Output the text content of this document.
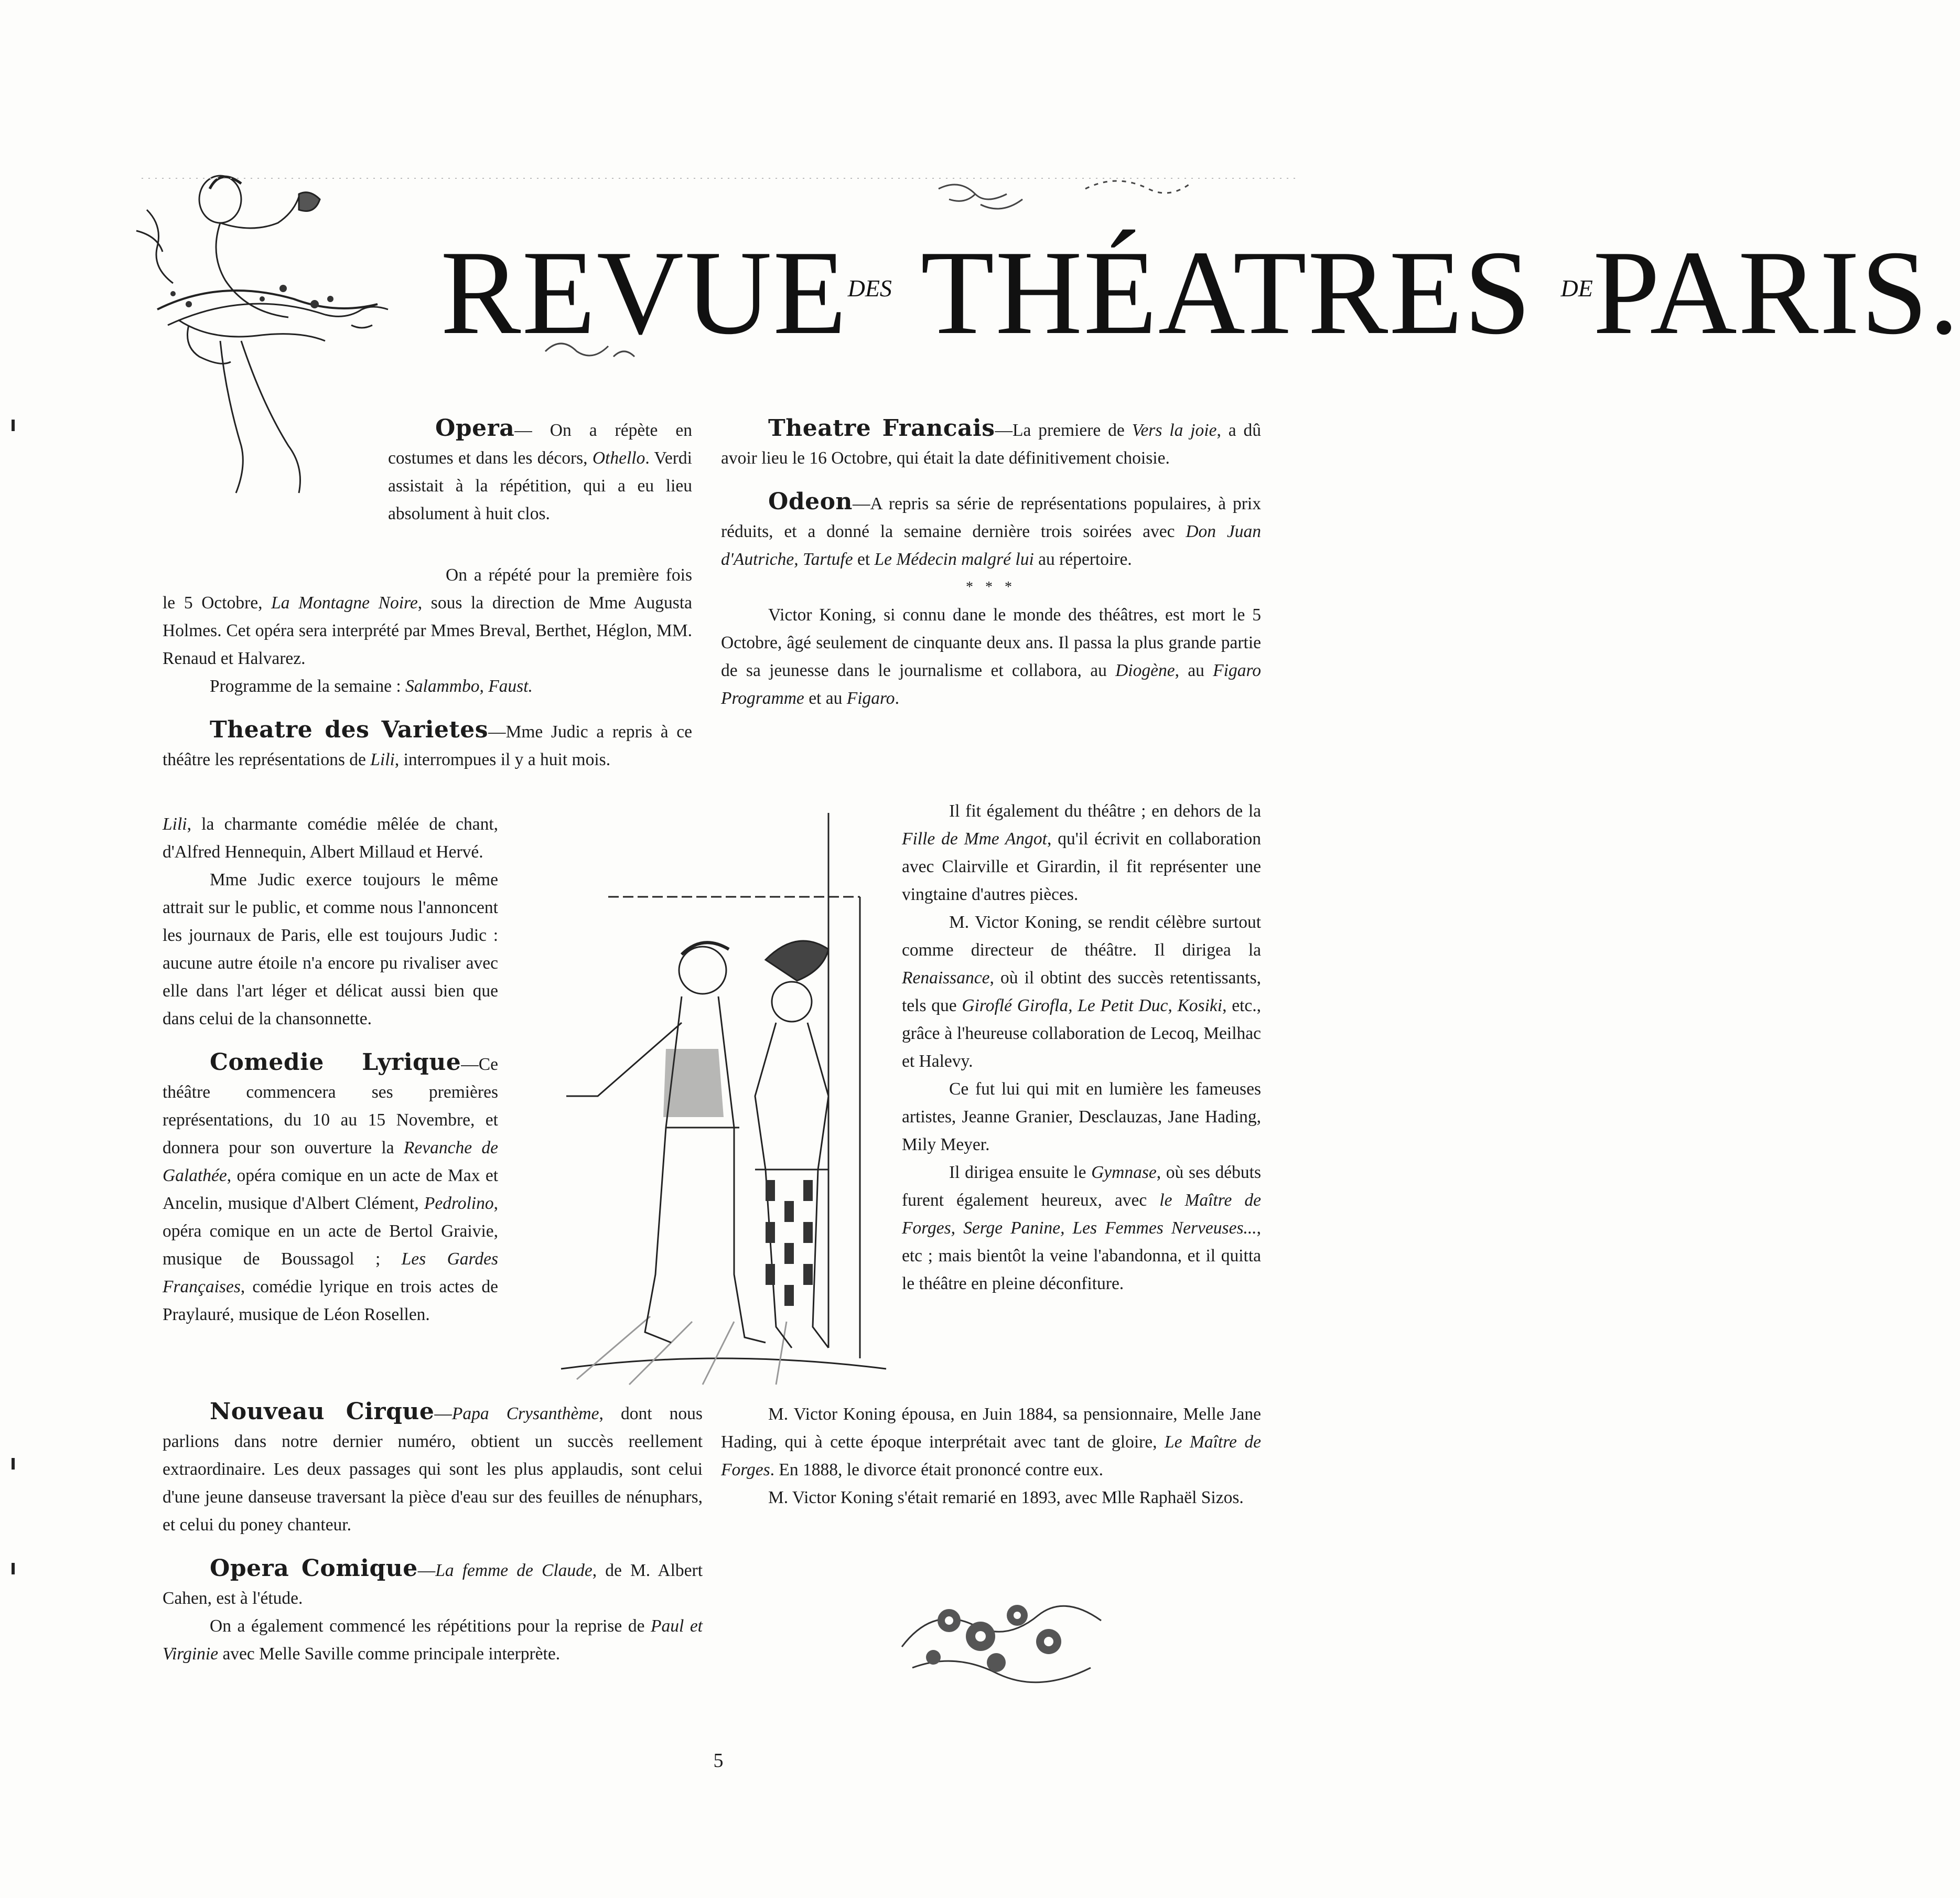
$REVUE^{DES}$ THÉATRES $^{DE}$PARIS.

Opera— On a répète en costumes et dans les décors, Othello. Verdi assistait à la répétition, qui a eu lieu absolument à huit clos.

On a répété pour la première fois le 5 Octobre, La Montagne Noire, sous la direction de Mme Augusta Holmes. Cet opéra sera interprété par Mmes Breval, Berthet, Héglon, MM. Renaud et Halvarez.

Programme de la semaine : Salammbo, Faust.

Theatre des Varietes—Mme Judic a repris à ce théâtre les représentations de Lili, interrompues il y a huit mois.

Lili, la charmante comédie mêlée de chant, d'Alfred Hennequin, Albert Millaud et Hervé.

Mme Judic exerce toujours le même attrait sur le public, et comme nous l'annoncent les journaux de Paris, elle est toujours Judic : aucune autre étoile n'a encore pu rivaliser avec elle dans l'art léger et délicat aussi bien que dans celui de la chansonnette.

Comedie Lyrique—Ce théâtre commencera ses premières représentations, du 10 au 15 Novembre, et donnera pour son ouverture la Revanche de Galathée, opéra comique en un acte de Max et Ancelin, musique d'Albert Clément, Pedrolino, opéra comique en un acte de Bertol Graivie, musique de Boussagol ; Les Gardes Françaises, comédie lyrique en trois actes de Praylauré, musique de Léon Rosellen.

Nouveau Cirque—Papa Crysanthème, dont nous parlions dans notre dernier numéro, obtient un succès reellement extraordinaire. Les deux passages qui sont les plus applaudis, sont celui d'une jeune danseuse traversant la pièce d'eau sur des feuilles de nénuphars, et celui du poney chanteur.

Opera Comique—La femme de Claude, de M. Albert Cahen, est à l'étude.

On a également commencé les répétitions pour la reprise de Paul et Virginie avec Melle Saville comme principale interprète.

Theatre Francais—La premiere de Vers la joie, a dû avoir lieu le 16 Octobre, qui était la date définitivement choisie.

Odeon—A repris sa série de représentations populaires, à prix réduits, et a donné la semaine dernière trois soirées avec Don Juan d'Autriche, Tartufe et Le Médecin malgré lui au répertoire.

* * *

Victor Koning, si connu dane le monde des théâtres, est mort le 5 Octobre, âgé seulement de cinquante deux ans. Il passa la plus grande partie de sa jeunesse dans le journalisme et collabora, au Diogène, au Figaro Programme et au Figaro.

Il fit également du théâtre ; en dehors de la Fille de Mme Angot, qu'il écrivit en collaboration avec Clairville et Girardin, il fit représenter une vingtaine d'autres pièces.

M. Victor Koning, se rendit célèbre surtout comme directeur de théâtre. Il dirigea la Renaissance, où il obtint des succès retentissants, tels que Giroflé Girofla, Le Petit Duc, Kosiki, etc., grâce à l'heureuse collaboration de Lecoq, Meilhac et Halevy.

Ce fut lui qui mit en lumière les fameuses artistes, Jeanne Granier, Desclauzas, Jane Hading, Mily Meyer.

Il dirigea ensuite le Gymnase, où ses débuts furent également heureux, avec le Maître de Forges, Serge Panine, Les Femmes Nerveuses..., etc ; mais bientôt la veine l'abandonna, et il quitta le théâtre en pleine déconfiture.

M. Victor Koning épousa, en Juin 1884, sa pensionnaire, Melle Jane Hading, qui à cette époque interprétait avec tant de gloire, Le Maître de Forges. En 1888, le divorce était prononcé contre eux.

M. Victor Koning s'était remarié en 1893, avec Mlle Raphaël Sizos.

5
